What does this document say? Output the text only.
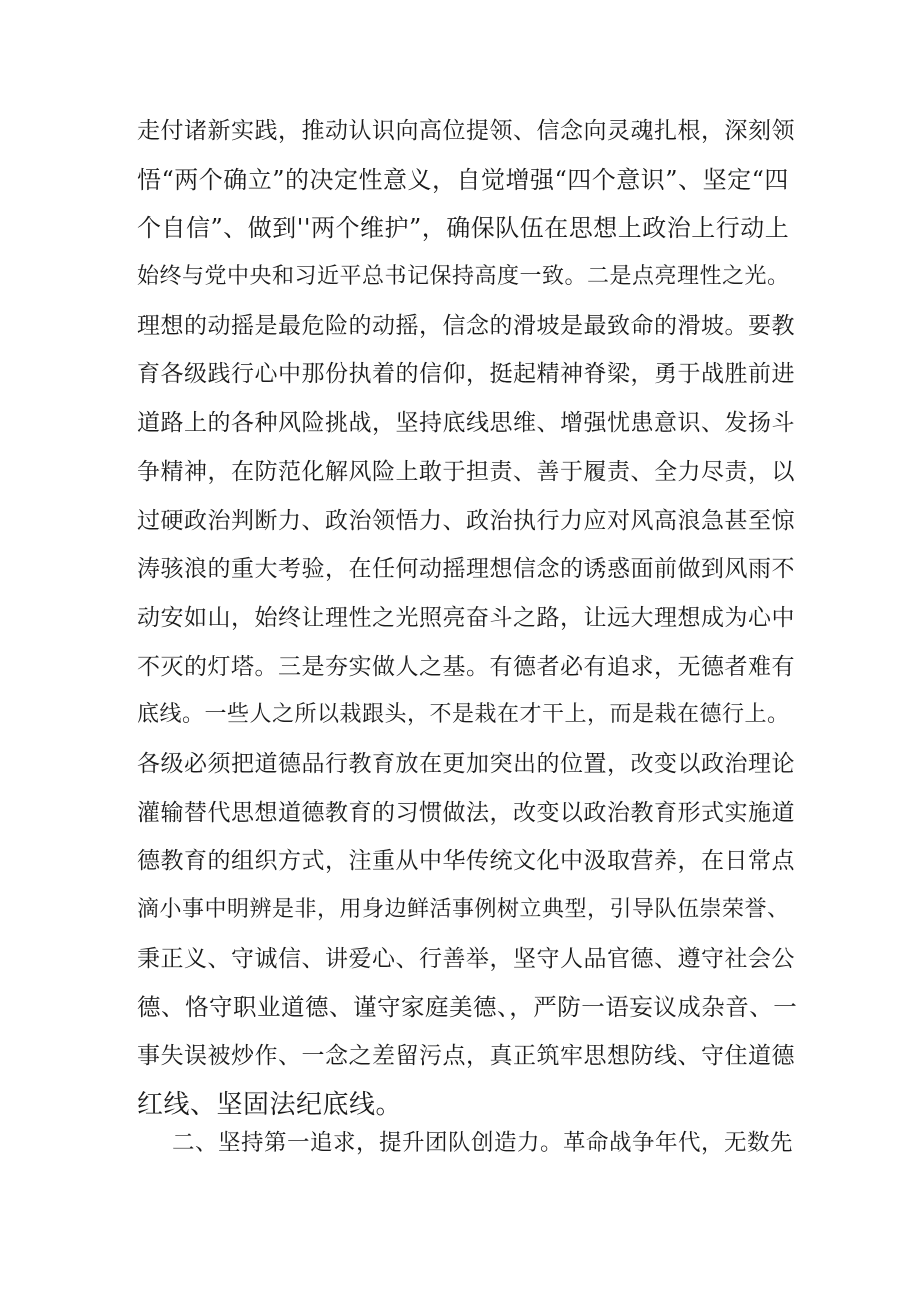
走付诸新实践，推动认识向高位提领、信念向灵魂扎根，深刻领
悟“两个确立”的决定性意义，自觉增强“四个意识”、坚定“四
个自信”、做到''两个维护”，确保队伍在思想上政治上行动上
始终与党中央和习近平总书记保持高度一致。二是点亮理性之光。
理想的动摇是最危险的动摇，信念的滑坡是最致命的滑坡。要教
育各级践行心中那份执着的信仰，挺起精神脊梁，勇于战胜前进
道路上的各种风险挑战，坚持底线思维、增强忧患意识、发扬斗
争精神，在防范化解风险上敢于担责、善于履责、全力尽责，以
过硬政治判断力、政治领悟力、政治执行力应对风高浪急甚至惊
涛骇浪的重大考验，在任何动摇理想信念的诱惑面前做到风雨不
动安如山，始终让理性之光照亮奋斗之路，让远大理想成为心中
不灭的灯塔。三是夯实做人之基。有德者必有追求，无德者难有
底线。一些人之所以栽跟头，不是栽在才干上，而是栽在德行上。
各级必须把道德品行教育放在更加突出的位置，改变以政治理论
灌输替代思想道德教育的习惯做法，改变以政治教育形式实施道
德教育的组织方式，注重从中华传统文化中汲取营养，在日常点
滴小事中明辨是非，用身边鲜活事例树立典型，引导队伍崇荣誉、
秉正义、守诚信、讲爱心、行善举，坚守人品官德、遵守社会公
德、恪守职业道德、谨守家庭美德、，严防一语妄议成杂音、一
事失误被炒作、一念之差留污点，真正筑牢思想防线、守住道德
红线、坚固法纪底线。
二、坚持第一追求，提升团队创造力。革命战争年代，无数先
